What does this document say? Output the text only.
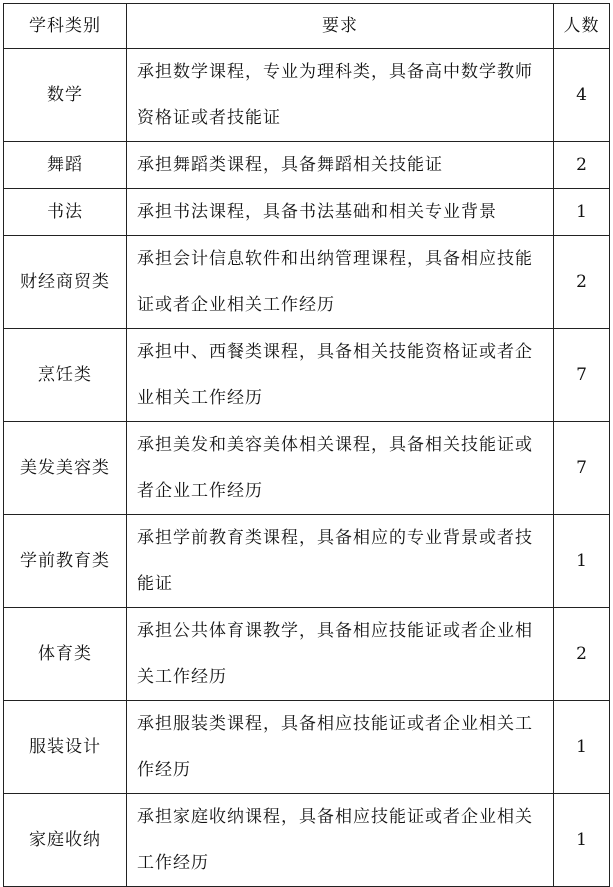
学科类别	要求	人数
数学	承担数学课程，专业为理科类，具备高中数学教师资格证或者技能证	4
舞蹈	承担舞蹈类课程，具备舞蹈相关技能证	2
书法	承担书法课程，具备书法基础和相关专业背景	1
财经商贸类	承担会计信息软件和出纳管理课程，具备相应技能证或者企业相关工作经历	2
烹饪类	承担中、西餐类课程，具备相关技能资格证或者企业相关工作经历	7
美发美容类	承担美发和美容美体相关课程，具备相关技能证或者企业工作经历	7
学前教育类	承担学前教育类课程，具备相应的专业背景或者技能证	1
体育类	承担公共体育课教学，具备相应技能证或者企业相关工作经历	2
服装设计	承担服装类课程，具备相应技能证或者企业相关工作经历	1
家庭收纳	承担家庭收纳课程，具备相应技能证或者企业相关工作经历	1
